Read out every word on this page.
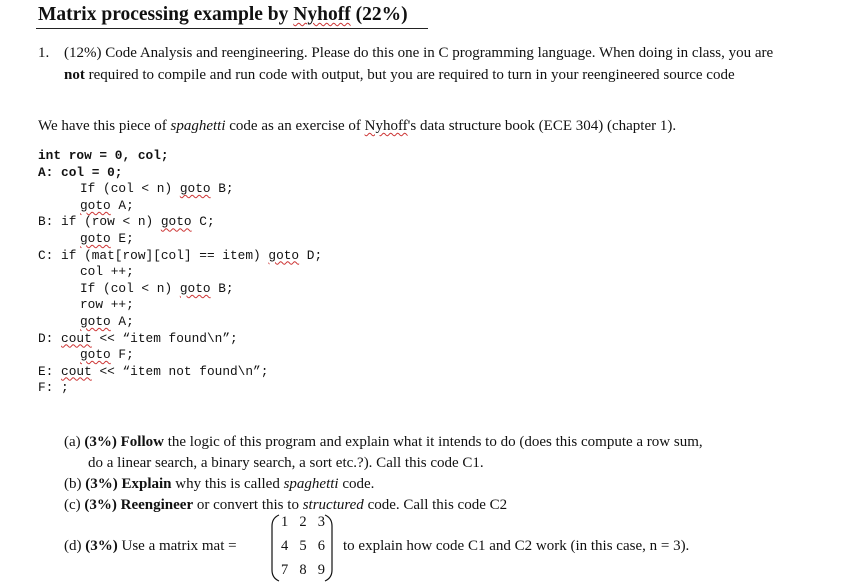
Matrix processing example by Nyhoff (22%)
1. (12%) Code Analysis and reengineering. Please do this one in C programming language. When doing in class, you are not required to compile and run code with output, but you are required to turn in your reengineered source code
We have this piece of spaghetti code as an exercise of Nyhoff's data structure book (ECE 304) (chapter 1).
int row = 0, col;
A: col = 0;
If (col < n) goto B;
goto A;
B: if (row < n) goto C;
goto E;
C: if (mat[row][col] == item) goto D;
col ++;
If (col < n) goto B;
row ++;
goto A;
D: cout << “item found\n”;
goto F;
E: cout << “item not found\n”;
F: ;
(a) (3%) Follow the logic of this program and explain what it intends to do (does this compute a row sum,
do a linear search, a binary search, a sort etc.?). Call this code C1.
(b) (3%) Explain why this is called spaghetti code.
(c) (3%) Reengineer or convert this to structured code. Call this code C2
(d) (3%) Use a matrix mat =
1 2 3
4 5 6
7 8 9
to explain how code C1 and C2 work (in this case, n = 3).
